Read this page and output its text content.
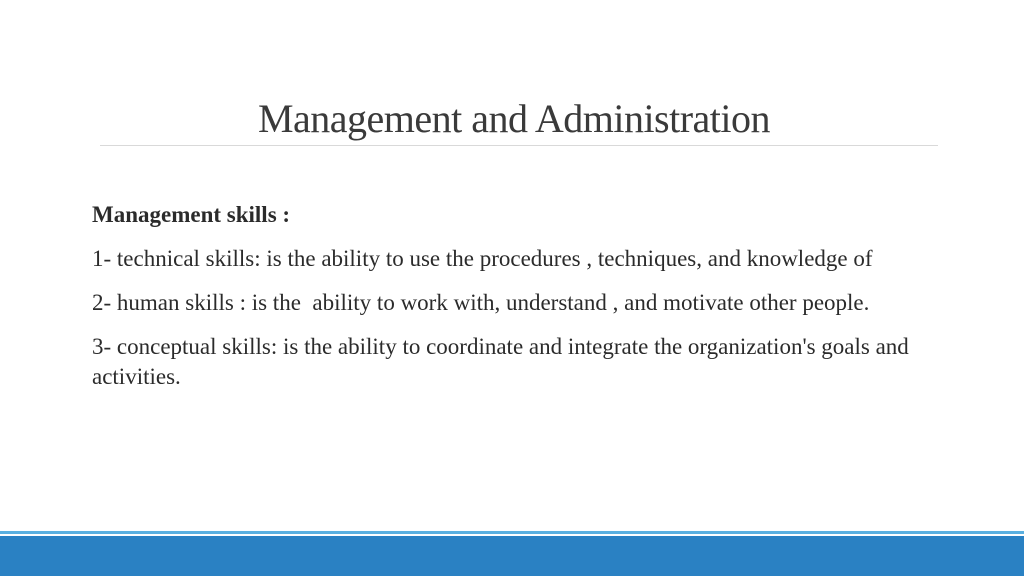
Management and Administration

Management skills :

1- technical skills: is the ability to use the procedures , techniques, and knowledge of

2- human skills : is the  ability to work with, understand , and motivate other people.

3- conceptual skills: is the ability to coordinate and integrate the organization's goals and activities.
